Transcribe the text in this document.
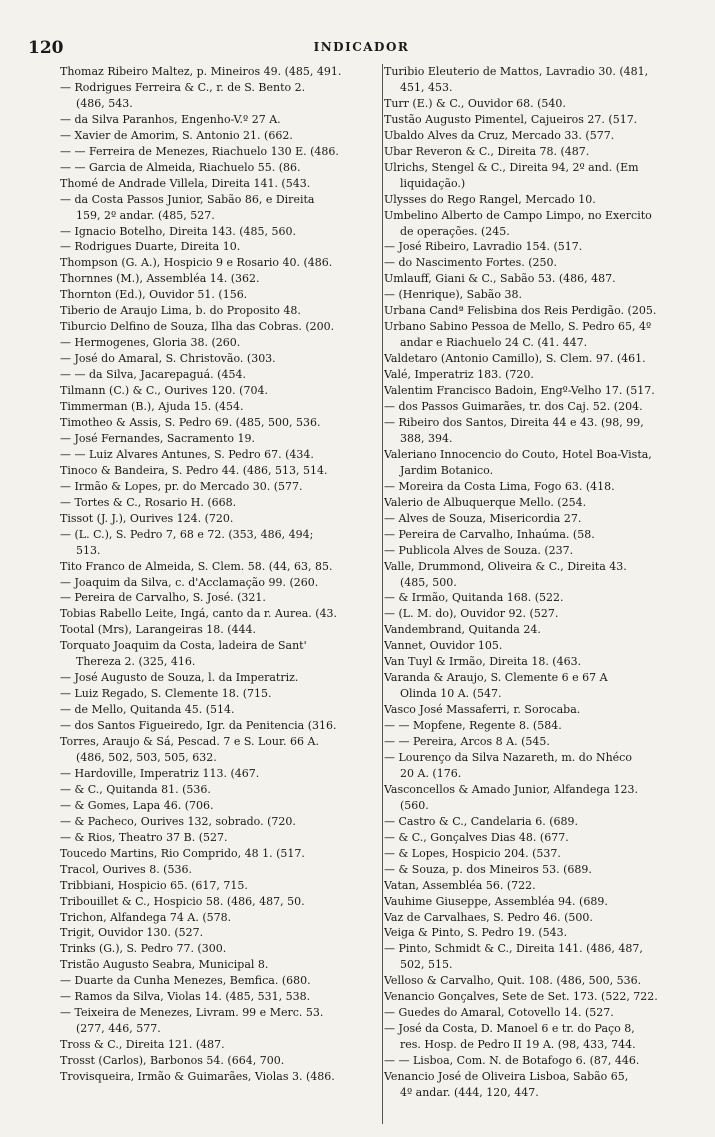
120	INDICADOR
Thomaz Ribeiro Maltez, p. Mineiros 49. (485, 491.
— Rodrigues Ferreira & C., r. de S. Bento 2.
(486, 543.
— da Silva Paranhos, Engenho-V.º 27 A.
— Xavier de Amorim, S. Antonio 21. (662.
— — Ferreira de Menezes, Riachuelo 130 E. (486.
— — Garcia de Almeida, Riachuelo 55. (86.
Thomé de Andrade Villela, Direita 141. (543.
— da Costa Passos Junior, Sabão 86, e Direita
159, 2º andar. (485, 527.
— Ignacio Botelho, Direita 143. (485, 560.
— Rodrigues Duarte, Direita 10.
Thompson (G. A.), Hospicio 9 e Rosario 40. (486.
Thornnes (M.), Assembléa 14. (362.
Thornton (Ed.), Ouvidor 51. (156.
Tiberio de Araujo Lima, b. do Proposito 48.
Tiburcio Delfino de Souza, Ilha das Cobras. (200.
— Hermogenes, Gloria 38. (260.
— José do Amaral, S. Christovão. (303.
— — da Silva, Jacarepaguá. (454.
Tilmann (C.) & C., Ourives 120. (704.
Timmerman (B.), Ajuda 15. (454.
Timotheo & Assis, S. Pedro 69. (485, 500, 536.
— José Fernandes, Sacramento 19.
— — Luiz Alvares Antunes, S. Pedro 67. (434.
Tinoco & Bandeira, S. Pedro 44. (486, 513, 514.
— Irmão & Lopes, pr. do Mercado 30. (577.
— Tortes & C., Rosario H. (668.
Tissot (J. J.), Ourives 124. (720.
— (L. C.), S. Pedro 7, 68 e 72. (353, 486, 494;
513.
Tito Franco de Almeida, S. Clem. 58. (44, 63, 85.
— Joaquim da Silva, c. d'Acclamação 99. (260.
— Pereira de Carvalho, S. José. (321.
Tobias Rabello Leite, Ingá, canto da r. Aurea. (43.
Tootal (Mrs), Larangeiras 18. (444.
Torquato Joaquim da Costa, ladeira de Sant'
Thereza 2. (325, 416.
— José Augusto de Souza, l. da Imperatriz.
— Luiz Regado, S. Clemente 18. (715.
— de Mello, Quitanda 45. (514.
— dos Santos Figueiredo, Igr. da Penitencia (316.
Torres, Araujo & Sá, Pescad. 7 e S. Lour. 66 A.
(486, 502, 503, 505, 632.
— Hardoville, Imperatriz 113. (467.
— & C., Quitanda 81. (536.
— & Gomes, Lapa 46. (706.
— & Pacheco, Ourives 132, sobrado. (720.
— & Rios, Theatro 37 B. (527.
Toucedo Martins, Rio Comprido, 48 1. (517.
Tracol, Ourives 8. (536.
Tribbiani, Hospicio 65. (617, 715.
Tribouillet & C., Hospicio 58. (486, 487, 50.
Trichon, Alfandega 74 A. (578.
Trigit, Ouvidor 130. (527.
Trinks (G.), S. Pedro 77. (300.
Tristão Augusto Seabra, Municipal 8.
— Duarte da Cunha Menezes, Bemfica. (680.
— Ramos da Silva, Violas 14. (485, 531, 538.
— Teixeira de Menezes, Livram. 99 e Merc. 53.
(277, 446, 577.
Tross & C., Direita 121. (487.
Trosst (Carlos), Barbonos 54. (664, 700.
Trovisqueira, Irmão & Guimarães, Violas 3. (486.
Turibio Eleuterio de Mattos, Lavradio 30. (481,
451, 453.
Turr (E.) & C., Ouvidor 68. (540.
Tustão Augusto Pimentel, Cajueiros 27. (517.
Ubaldo Alves da Cruz, Mercado 33. (577.
Ubar Reveron & C., Direita 78. (487.
Ulrichs, Stengel & C., Direita 94, 2º and. (Em
liquidação.)
Ulysses do Rego Rangel, Mercado 10.
Umbelino Alberto de Campo Limpo, no Exercito
de operações. (245.
— José Ribeiro, Lavradio 154. (517.
— do Nascimento Fortes. (250.
Umlauff, Giani & C., Sabão 53. (486, 487.
— (Henrique), Sabão 38.
Urbana Candª Felisbina dos Reis Perdigão. (205.
Urbano Sabino Pessoa de Mello, S. Pedro 65, 4º
andar e Riachuelo 24 C. (41. 447.
Valdetaro (Antonio Camillo), S. Clem. 97. (461.
Valé, Imperatriz 183. (720.
Valentim Francisco Badoin, Engº-Velho 17. (517.
— dos Passos Guimarães, tr. dos Caj. 52. (204.
— Ribeiro dos Santos, Direita 44 e 43. (98, 99,
388, 394.
Valeriano Innocencio do Couto, Hotel Boa-Vista,
Jardim Botanico.
— Moreira da Costa Lima, Fogo 63. (418.
Valerio de Albuquerque Mello. (254.
— Alves de Souza, Misericordia 27.
— Pereira de Carvalho, Inhaúma. (58.
— Publicola Alves de Souza. (237.
Valle, Drummond, Oliveira & C., Direita 43.
(485, 500.
— & Irmão, Quitanda 168. (522.
— (L. M. do), Ouvidor 92. (527.
Vandembrand, Quitanda 24.
Vannet, Ouvidor 105.
Van Tuyl & Irmão, Direita 18. (463.
Varanda & Araujo, S. Clemente 6 e 67 A
Olinda 10 A. (547.
Vasco José Massaferri, r. Sorocaba.
— — Mopfene, Regente 8. (584.
— — Pereira, Arcos 8 A. (545.
— Lourenço da Silva Nazareth, m. do Nhéco
20 A. (176.
Vasconcellos & Amado Junior, Alfandega 123.
(560.
— Castro & C., Candelaria 6. (689.
— & C., Gonçalves Dias 48. (677.
— & Lopes, Hospicio 204. (537.
— & Souza, p. dos Mineiros 53. (689.
Vatan, Assembléa 56. (722.
Vauhime Giuseppe, Assembléa 94. (689.
Vaz de Carvalhaes, S. Pedro 46. (500.
Veiga & Pinto, S. Pedro 19. (543.
— Pinto, Schmidt & C., Direita 141. (486, 487,
502, 515.
Velloso & Carvalho, Quit. 108. (486, 500, 536.
Venancio Gonçalves, Sete de Set. 173. (522, 722.
— Guedes do Amaral, Cotovello 14. (527.
— José da Costa, D. Manoel 6 e tr. do Paço 8,
res. Hosp. de Pedro II 19 A. (98, 433, 744.
— — Lisboa, Com. N. de Botafogo 6. (87, 446.
Venancio José de Oliveira Lisboa, Sabão 65,
4º andar. (444, 120, 447.
